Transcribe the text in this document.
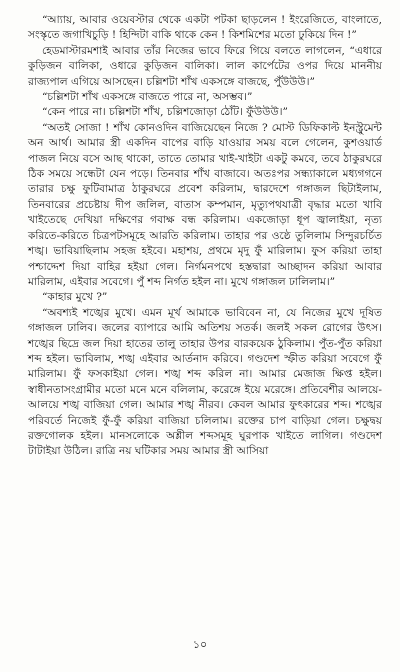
“আ্যায়, আবার ওয়েবস্টার থেকে একটা পটকা ছাড়লেন ! ইংরেজিতে, বাংলাতে, সংস্কৃতে জগাখিচুড়ি ! হিন্দিটা বাকি থাকে কেন ! কিশমিশের মতো ঢুকিয়ে দিন !”

হেডমাস্টারমশাই আবার তাঁর নিজের ভাবে ফিরে গিয়ে বলতে লাগলেন, “এধারে কুড়িজন বালিকা, ওধারে কুড়িজন বালিকা। লাল কার্পেটের ওপর দিয়ে মাননীয় রাজ্যপাল এগিয়ে আসছেন। চল্লিশটা শাঁখ একসঙ্গে বাজছে, পুঁউউউ।”

“চল্লিশটা শাঁখ একসঙ্গে বাজতে পারে না, অসম্ভব।”

“কেন পারে না। চল্লিশটা শাঁখ, চল্লিশজোড়া ঠোঁট। ফুঁউউউ।”

“অতই সোজা ! শাঁখ কোনওদিন বাজিয়েছেন নিজে ? মোস্ট ডিফিকাল্ট ইনস্ট্রুমেন্ট অন আর্থ। আমার স্ত্রী একদিন বাপের বাড়ি যাওয়ার সময় বলে গেলেন, কুশওয়ার্ড পাজল নিয়ে বসে আছ থাকো, তাতে তোমার খাই-খাইটা একটু কমবে, তবে ঠাকুরঘরে ঠিক সময়ে সন্ধেটা যেন পড়ে। তিনবার শাঁখ বাজাবে। অতঃপর সন্ধ্যাকালে মধ্যগগনে তারার চক্ষু ফুটিবামাত্র ঠাকুরঘরে প্রবেশ করিলাম, দ্বারদেশে গঙ্গাজল ছিটাইলাম, তিনবারের প্রচেষ্টায় দীপ জলিল, বাতাস কম্পমান, মৃত্যুপথযাত্রী বৃদ্ধার মতো খাবি খাইতেছে দেখিয়া দক্ষিণের গবাক্ষ বন্ধ করিলাম। একজোড়া ধূপ জ্বালাইয়া, নৃত্য করিতে-করিতে চিত্রপটসমূহে আরতি করিলাম। তাহার পর ওষ্ঠে তুলিলাম সিন্দুরচর্চিত শঙ্খ। ভাবিয়াছিলাম সহজ হইবে। মহাশয়, প্রথমে মৃদু ফুঁ মারিলাম। ফুস করিয়া তাহা পশ্চাদ্দেশ দিয়া বাহির হইয়া গেল। নির্গমনপথে হস্তদ্বারা আচ্ছাদন করিয়া আবার মারিলাম, এইবার সবেগে। পুঁ শব্দ নির্গত হইল না। মুখে গঙ্গাজল ঢালিলাম।”

“কাহার মুখে ?”

“অবশ্যই শঙ্খের মুখে। এমন মূর্খ আমাকে ভাবিবেন না, যে নিজের মুখে দূষিত গঙ্গাজল ঢালিব। জলের ব্যাপারে আমি অতিশয় সতর্ক। জলই সকল রোগের উৎস। শঙ্খের ছিদ্রে জল দিয়া হাতের তালু তাহার উপর বারকয়েক ঠুকিলাম। পুঁত-পুঁত করিয়া শব্দ হইল। ভাবিলাম, শঙ্খ এইবার আর্তনাদ করিবে। গণ্ডদেশ স্ফীত করিয়া সবেগে ফুঁ মারিলাম। ফুঁ ফসকাইয়া গেল। শঙ্খ শব্দ করিল না। আমার মেজাজ ক্ষিপ্ত হইল। স্বাধীনতাসংগ্রামীর মতো মনে মনে বলিলাম, করেঙ্গে ইয়ে মরেঙ্গে। প্রতিবেশীর আলয়ে-আলয়ে শঙ্খ বাজিয়া গেল। আমার শঙ্খ নীরব। কেবল আমার ফুৎকারের শব্দ। শঙ্খের পরিবর্তে নিজেই ফুঁ-ফুঁ করিয়া বাজিয়া চলিলাম। রক্তের চাপ বাড়িয়া গেল। চক্ষুদ্বয় রক্তগোলক হইল। মানসলোকে অশ্লীল শব্দসমূহ ঘুরপাক খাইতে লাগিল। গণ্ডদেশ টাটাইয়া উঠিল। রাত্রি নয় ঘটিকার সময় আমার স্ত্রী আসিয়া

১০
